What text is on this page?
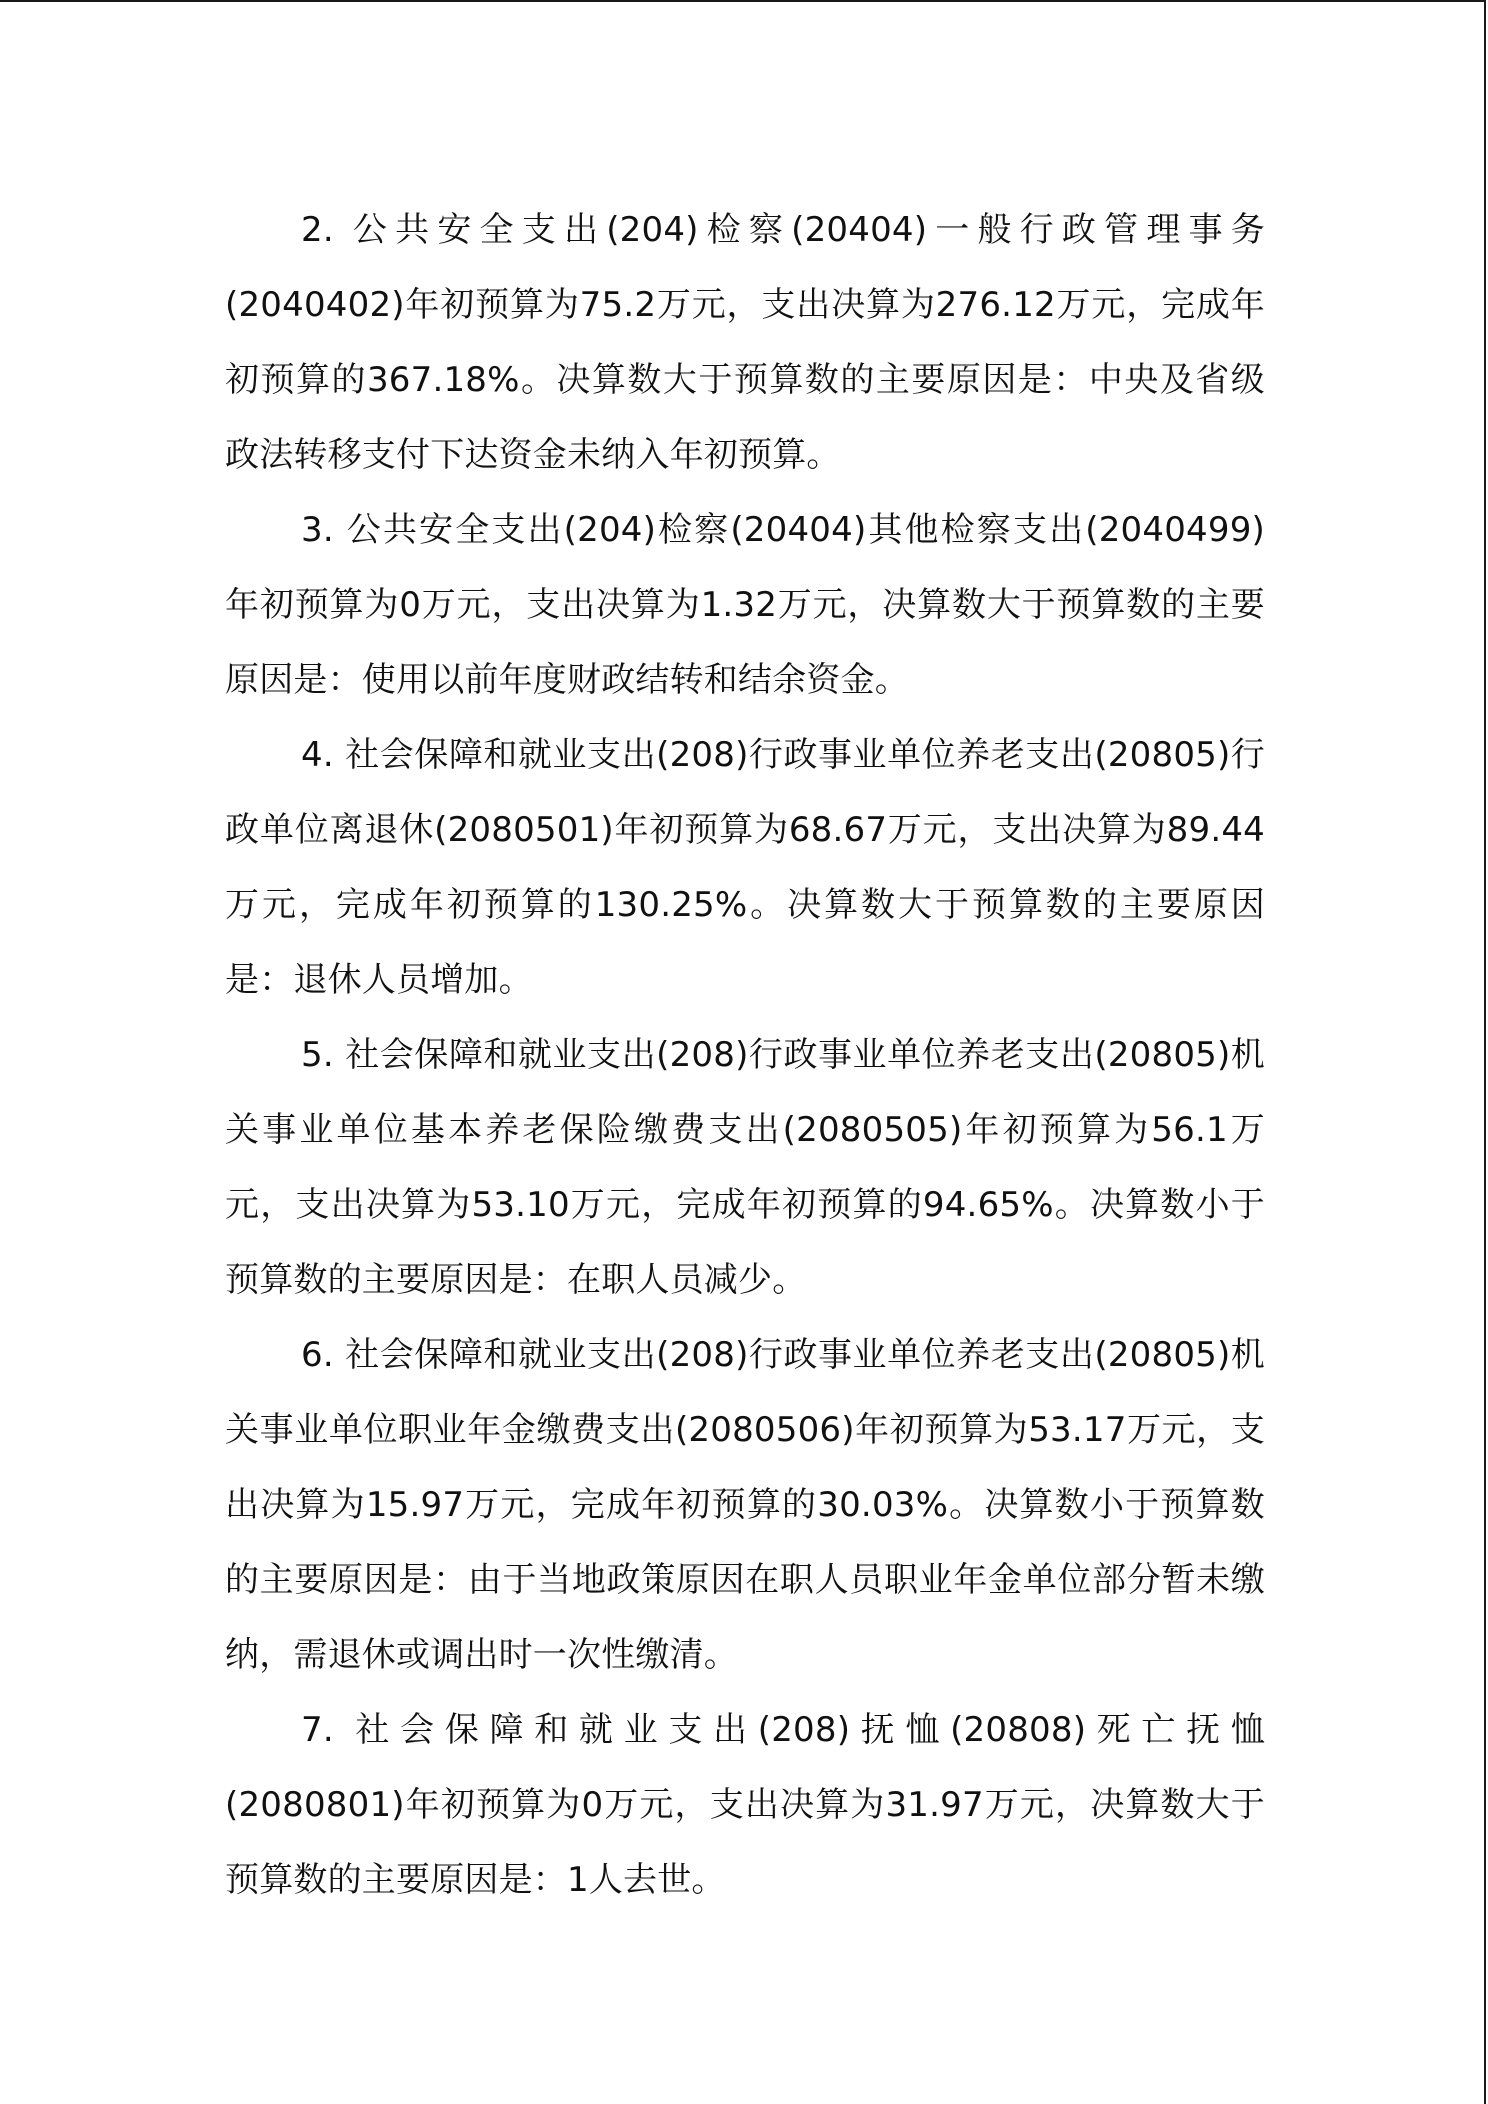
2. 公共安全支出(204)检察(20404)一般行政管理事务(2040402)年初预算为75.2万元，支出决算为276.12万元，完成年初预算的367.18%。决算数大于预算数的主要原因是：中央及省级政法转移支付下达资金未纳入年初预算。

3. 公共安全支出(204)检察(20404)其他检察支出(2040499)年初预算为0万元，支出决算为1.32万元，决算数大于预算数的主要原因是：使用以前年度财政结转和结余资金。

4. 社会保障和就业支出(208)行政事业单位养老支出(20805)行政单位离退休(2080501)年初预算为68.67万元，支出决算为89.44万元，完成年初预算的130.25%。决算数大于预算数的主要原因是：退休人员增加。

5. 社会保障和就业支出(208)行政事业单位养老支出(20805)机关事业单位基本养老保险缴费支出(2080505)年初预算为56.1万元，支出决算为53.10万元，完成年初预算的94.65%。决算数小于预算数的主要原因是：在职人员减少。

6. 社会保障和就业支出(208)行政事业单位养老支出(20805)机关事业单位职业年金缴费支出(2080506)年初预算为53.17万元，支出决算为15.97万元，完成年初预算的30.03%。决算数小于预算数的主要原因是：由于当地政策原因在职人员职业年金单位部分暂未缴纳，需退休或调出时一次性缴清。

7. 社会保障和就业支出(208)抚恤(20808)死亡抚恤(2080801)年初预算为0万元，支出决算为31.97万元，决算数大于预算数的主要原因是：1人去世。
